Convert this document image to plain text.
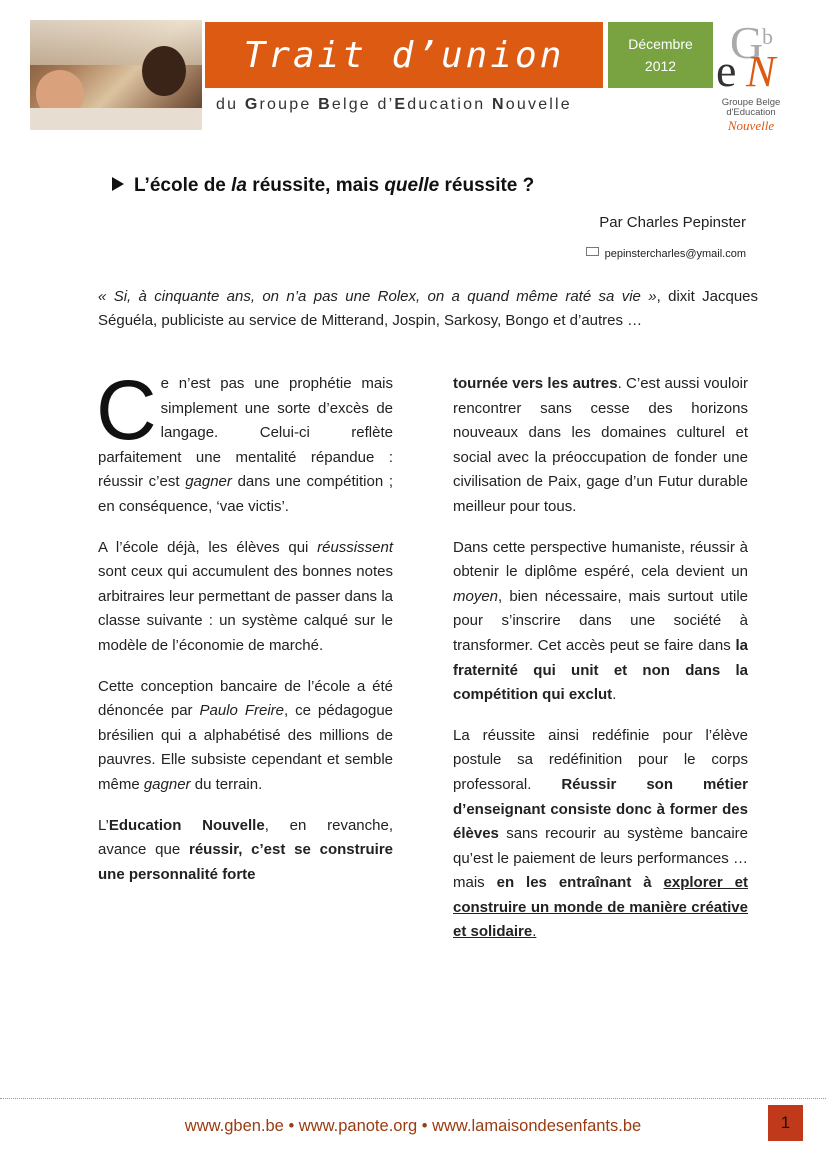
Trait d’union	Décembre
2012
du Groupe Belge d’Education Nouvelle
G
b
e N
Groupe Belge d'Education
Nouvelle
L’école de la réussite, mais quelle réussite ?
Par Charles Pepinster
pepinstercharles@ymail.com
« Si, à cinquante ans, on n’a pas une Rolex, on a quand même raté sa vie », dixit Jacques Séguéla, publiciste au service de Mitterand, Jospin, Sarkosy, Bongo et d’autres …

Ce n’est pas une prophétie mais simplement une sorte d’excès de langage. Celui-ci reflète parfaitement une mentalité répandue : réussir c’est gagner dans une compétition ; en conséquence, ‘vae victis’.

A l’école déjà, les élèves qui réussissent sont ceux qui accumulent des bonnes notes arbitraires leur permettant de passer dans la classe suivante : un système calqué sur le modèle de l’économie de marché.

Cette conception bancaire de l’école a été dénoncée par Paulo Freire, ce pédagogue brésilien qui a alphabétisé des millions de pauvres. Elle subsiste cependant et semble même gagner du terrain.

L’Education Nouvelle, en revanche, avance que réussir, c’est se construire une personnalité forte

tournée vers les autres. C’est aussi vouloir rencontrer sans cesse des horizons nouveaux dans les domaines culturel et social avec la préoccupation de fonder une civilisation de Paix, gage d’un Futur durable meilleur pour tous.

Dans cette perspective humaniste, réussir à obtenir le diplôme espéré, cela devient un moyen, bien nécessaire, mais surtout utile pour s’inscrire dans une société à transformer. Cet accès peut se faire dans la fraternité qui unit et non dans la compétition qui exclut.

La réussite ainsi redéfinie pour l’élève postule sa redéfinition pour le corps professoral. Réussir son métier d’enseignant consiste donc à former des élèves sans recourir au système bancaire qu’est le paiement de leurs performances … mais en les entraînant à explorer et construire un monde de manière créative et solidaire.

www.gben.be • www.panote.org • www.lamaisondesenfants.be	1
